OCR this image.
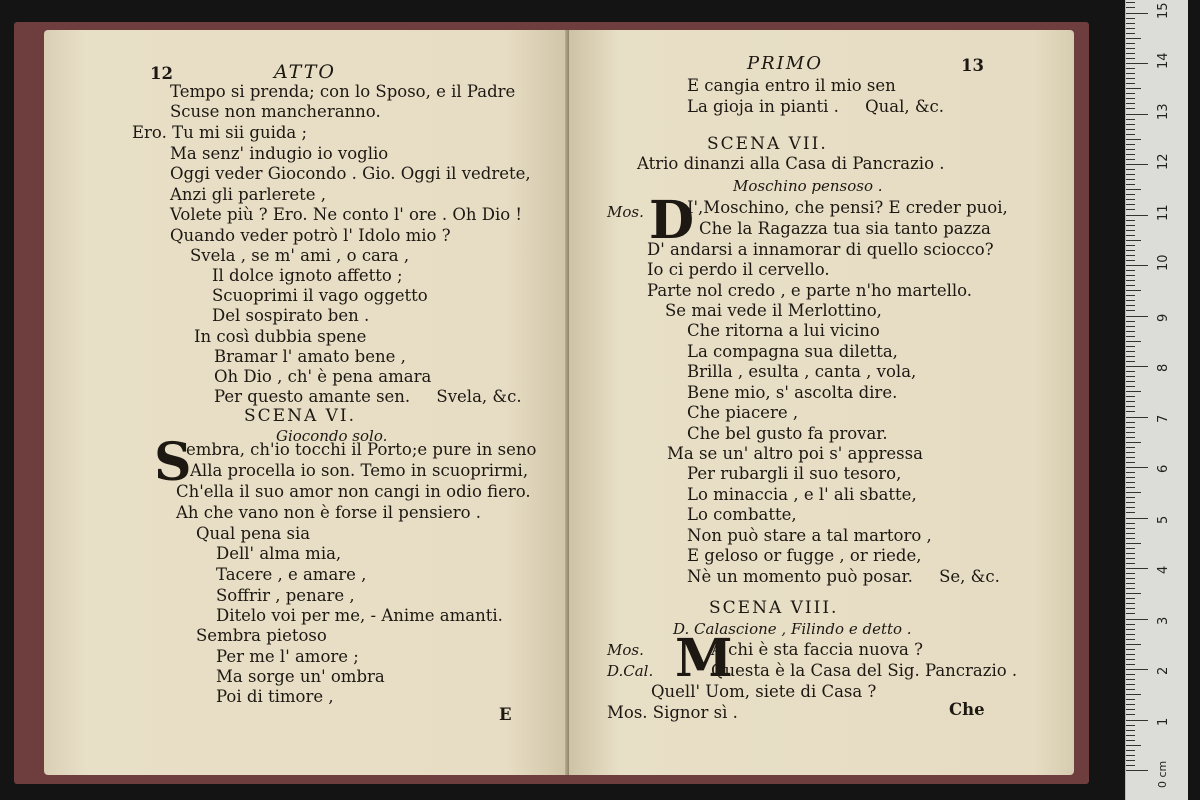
12	ATTO
Tempo si prenda; con lo Sposo, e il Padre
Scuse non mancheranno.
Ero. Tu mi sii guida ;
Ma senz' indugio io voglio
Oggi veder Giocondo . Gio. Oggi il vedrete,
Anzi gli parlerete ,
Volete più ? Ero. Ne conto l' ore . Oh Dio !
Quando veder potrò l' Idolo mio ?
Svela , se m' ami , o cara ,
Il dolce ignoto affetto ;
Scuoprimi il vago oggetto
Del sospirato ben .
In così dubbia spene
Bramar l' amato bene ,
Oh Dio , ch' è pena amara
Per questo amante sen.     Svela, &c.
SCENA VI.
Giocondo solo.
S
embra, ch'io tocchi il Porto;e pure in seno
Alla procella io son. Temo in scuoprirmi,
Ch'ella il suo amor non cangi in odio fiero.
Ah che vano non è forse il pensiero .
Qual pena sia
Dell' alma mia,
Tacere , e amare ,
Soffrir , penare ,
Ditelo voi per me, - Anime amanti.
Sembra pietoso
Per me l' amore ;
Ma sorge un' ombra
Poi di timore ,
E
PRIMO	13
E cangia entro il mio sen
La gioja in pianti .     Qual, &c.
SCENA VII.
Atrio dinanzi alla Casa di Pancrazio .
Moschino pensoso .
Mos. D
I',Moschino, che pensi? E creder puoi,
Che la Ragazza tua sia tanto pazza
D' andarsi a innamorar di quello sciocco?
Io ci perdo il cervello.
Parte nol credo , e parte n'ho martello.
Se mai vede il Merlottino,
Che ritorna a lui vicino
La compagna sua diletta,
Brilla , esulta , canta , vola,
Bene mio, s' ascolta dire.
Che piacere ,
Che bel gusto fa provar.
Ma se un' altro poi s' appressa
Per rubargli il suo tesoro,
Lo minaccia , e l' ali sbatte,
Lo combatte,
Non può stare a tal martoro ,
E geloso or fugge , or riede,
Nè un momento può posar.     Se, &c.
SCENA VIII.
D. Calascione , Filindo e detto .
Mos.
D.Cal. M
A chi è sta faccia nuova ?
Questa è la Casa del Sig. Pancrazio .
Quell' Uom, siete di Casa ?
Mos. Signor sì .	Che
0 cm
1
2
3
4
5
6
7
8
9
10
11
12
13
14
15
